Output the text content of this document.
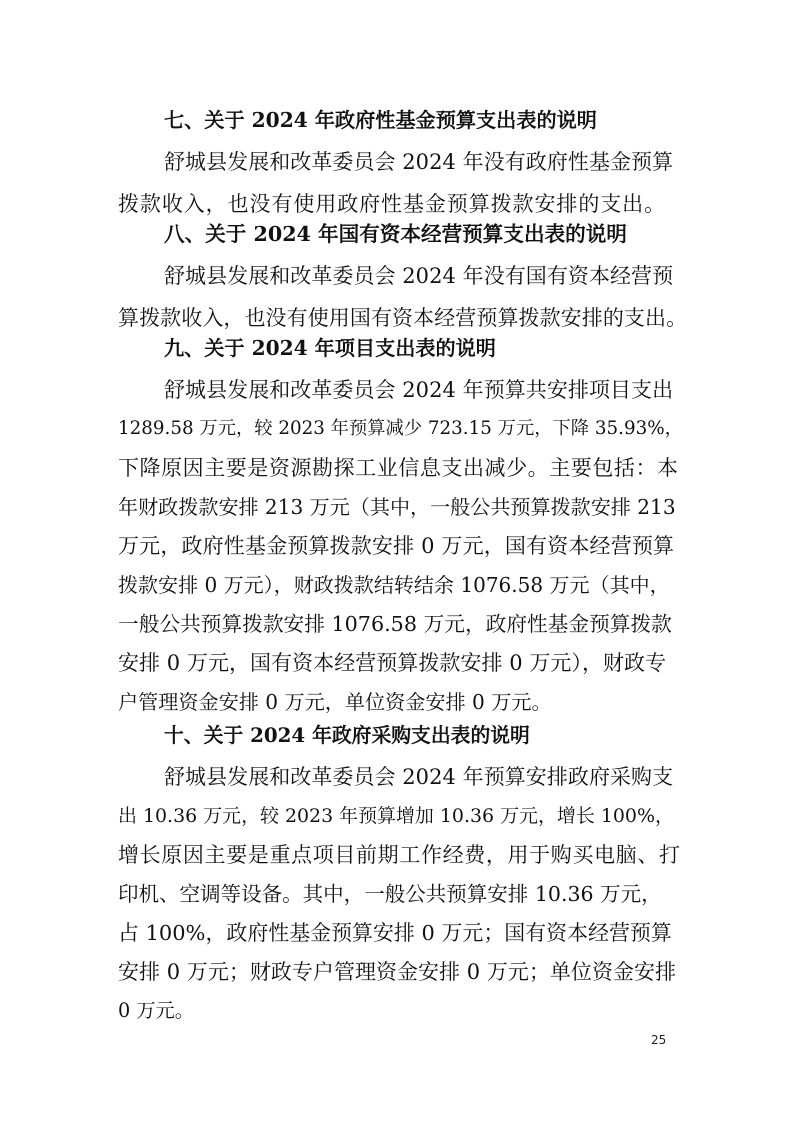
七、关于 2024 年政府性基金预算支出表的说明
舒城县发展和改革委员会 2024 年没有政府性基金预算
拨款收入，也没有使用政府性基金预算拨款安排的支出。
八、关于 2024 年国有资本经营预算支出表的说明
舒城县发展和改革委员会 2024 年没有国有资本经营预
算拨款收入，也没有使用国有资本经营预算拨款安排的支出。
九、关于 2024 年项目支出表的说明
舒城县发展和改革委员会 2024 年预算共安排项目支出
1289.58 万元，较 2023 年预算减少 723.15 万元，下降 35.93%，
下降原因主要是资源勘探工业信息支出减少。主要包括：本
年财政拨款安排 213 万元（其中，一般公共预算拨款安排 213
万元，政府性基金预算拨款安排 0 万元，国有资本经营预算
拨款安排 0 万元），财政拨款结转结余 1076.58 万元（其中，
一般公共预算拨款安排 1076.58 万元，政府性基金预算拨款
安排 0 万元，国有资本经营预算拨款安排 0 万元），财政专
户管理资金安排 0 万元，单位资金安排 0 万元。
十、关于 2024 年政府采购支出表的说明
舒城县发展和改革委员会 2024 年预算安排政府采购支
出 10.36 万元，较 2023 年预算增加 10.36 万元，增长 100%，
增长原因主要是重点项目前期工作经费，用于购买电脑、打
印机、空调等设备。其中，一般公共预算安排 10.36 万元，
占 100%，政府性基金预算安排 0 万元；国有资本经营预算
安排 0 万元；财政专户管理资金安排 0 万元；单位资金安排
0 万元。
25
